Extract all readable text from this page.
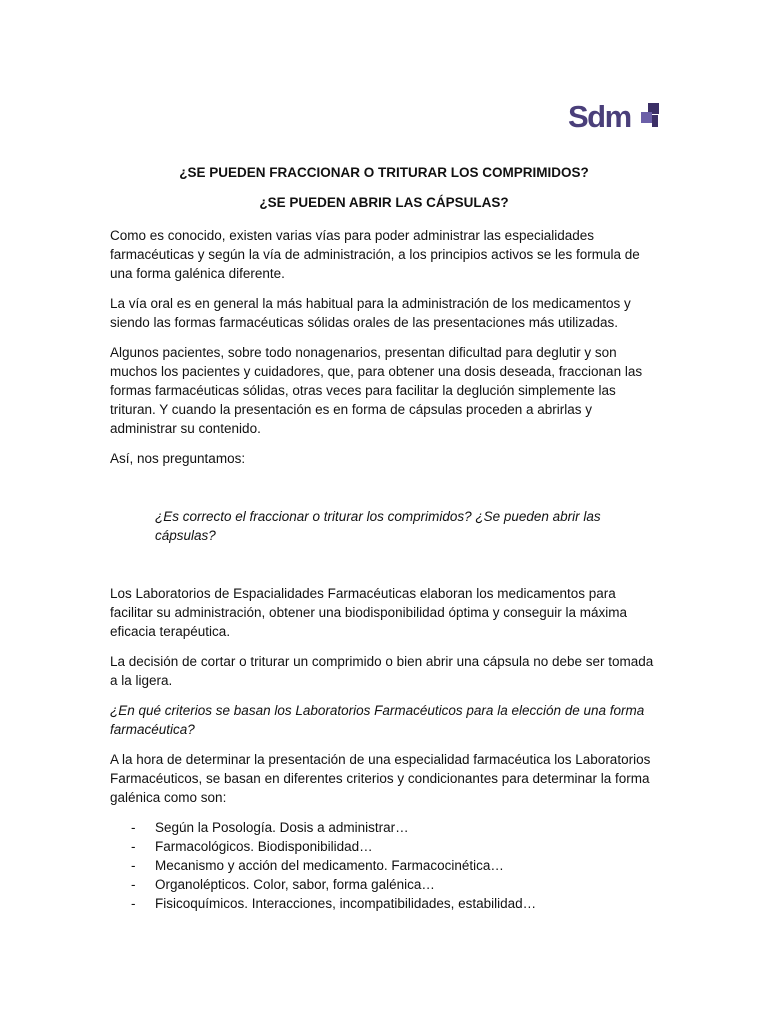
Sdm

¿SE PUEDEN FRACCIONAR O TRITURAR LOS COMPRIMIDOS?

¿SE PUEDEN ABRIR LAS CÁPSULAS?

Como es conocido, existen varias vías para poder administrar las especialidades farmacéuticas y según la vía de administración, a los principios activos se les formula de una forma galénica diferente.

La vía oral es en general la más habitual para la administración de los medicamentos y siendo las formas farmacéuticas sólidas orales de las presentaciones más utilizadas.

Algunos pacientes, sobre todo nonagenarios, presentan dificultad para deglutir y son muchos los pacientes y cuidadores, que, para obtener una dosis deseada, fraccionan las formas farmacéuticas sólidas, otras veces para facilitar la deglución simplemente las trituran. Y cuando la presentación es en forma de cápsulas proceden a abrirlas y administrar su contenido.

Así, nos preguntamos:

¿Es correcto el fraccionar o triturar los comprimidos? ¿Se pueden abrir las cápsulas?

Los Laboratorios de Espacialidades Farmacéuticas elaboran los medicamentos para facilitar su administración, obtener una biodisponibilidad óptima y conseguir la máxima eficacia terapéutica.

La decisión de cortar o triturar un comprimido o bien abrir una cápsula no debe ser tomada a la ligera.

¿En qué criterios se basan los Laboratorios Farmacéuticos para la elección de una forma farmacéutica?

A la hora de determinar la presentación de una especialidad farmacéutica los Laboratorios Farmacéuticos, se basan en diferentes criterios y condicionantes para determinar la forma galénica como son:

- Según la Posología. Dosis a administrar…
- Farmacológicos. Biodisponibilidad…
- Mecanismo y acción del medicamento. Farmacocinética…
- Organolépticos. Color, sabor, forma galénica…
- Fisicoquímicos. Interacciones, incompatibilidades, estabilidad…
